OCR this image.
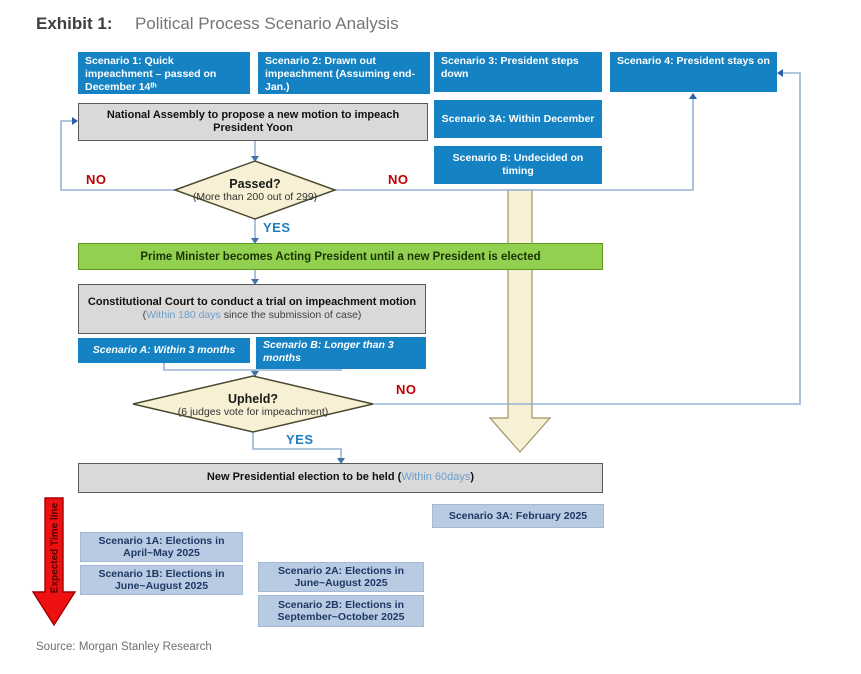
Exhibit 1: Political Process Scenario Analysis
Scenario 1: Quick impeachment – passed on December 14ᵗʰ
Scenario 2: Drawn out impeachment (Assuming end-Jan.)
Scenario 3: President steps down
Scenario 4: President stays on
Scenario 3A: Within December
Scenario B: Undecided on timing
National Assembly to propose a new motion to impeach President Yoon
Passed?
(More than 200 out of 299)
NO	NO
YES
Prime Minister becomes Acting President until a new President is elected
Constitutional Court to conduct a trial on impeachment motion
(Within 180 days since the submission of case)
Scenario A: Within 3 months	Scenario B: Longer than 3 months
Upheld?
(6 judges vote for impeachment)
NO
YES
New Presidential election to be held (Within 60days)
Scenario 3A: February 2025
Scenario 1A: Elections in April~May 2025
Scenario 1B: Elections in June~August 2025
Scenario 2A: Elections in June~August 2025
Scenario 2B: Elections in September~October 2025
Expected Time line
Source: Morgan Stanley Research
